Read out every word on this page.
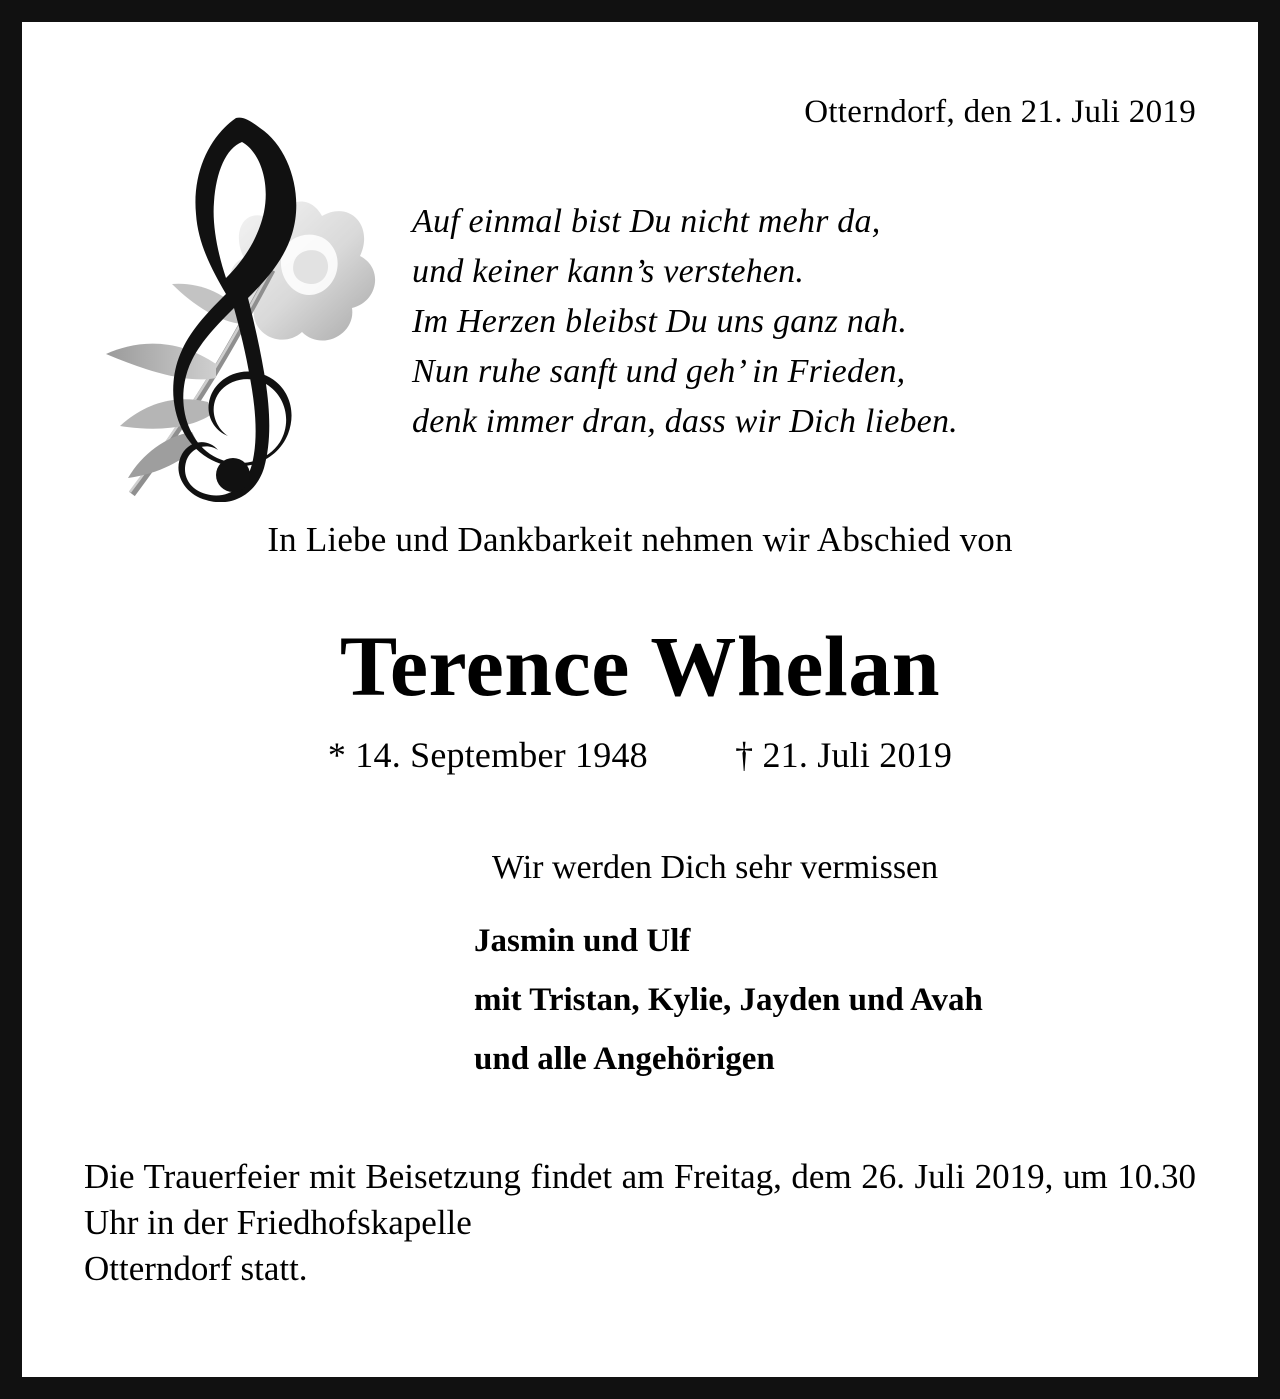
Otterndorf, den 21. Juli 2019
Auf einmal bist Du nicht mehr da,
und keiner kann’s verstehen.
Im Herzen bleibst Du uns ganz nah.
Nun ruhe sanft und geh’ in Frieden,
denk immer dran, dass wir Dich lieben.
In Liebe und Dankbarkeit nehmen wir Abschied von
Terence Whelan
* 14. September 1948 † 21. Juli 2019
Wir werden Dich sehr vermissen
Jasmin und Ulf
mit Tristan, Kylie, Jayden und Avah
und alle Angehörigen
Die Trauerfeier mit Beisetzung findet am Freitag, dem 26. Juli 2019, um 10.30 Uhr in der Friedhofskapelle
Otterndorf statt.
